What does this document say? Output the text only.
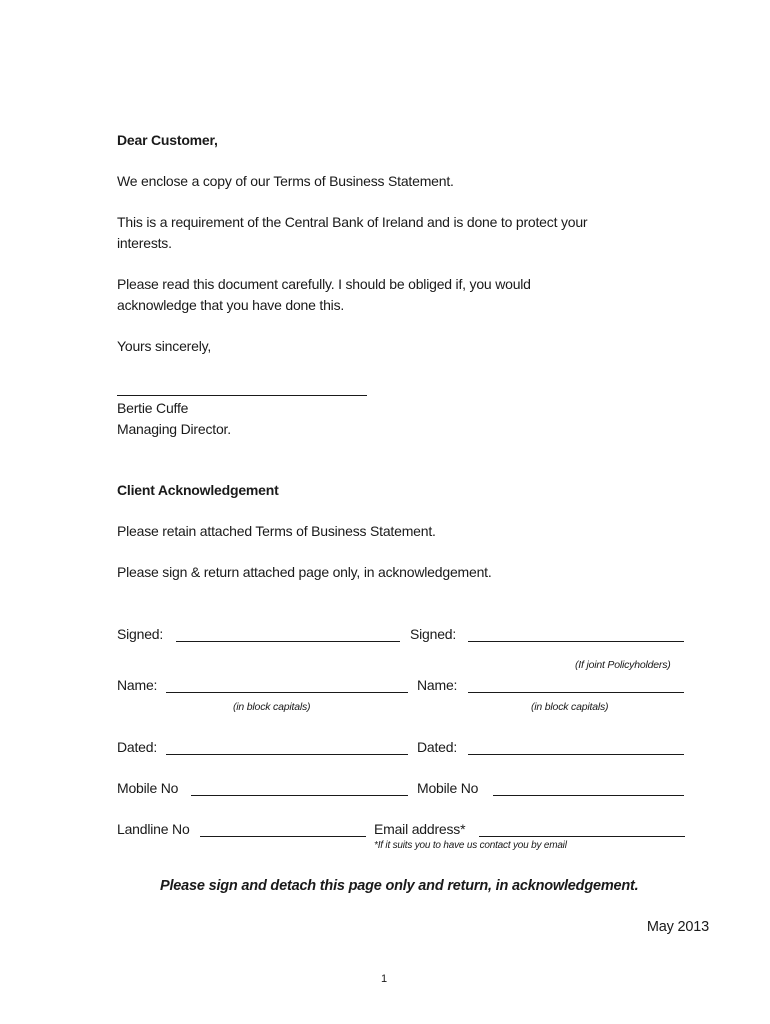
Dear Customer,
We enclose a copy of our Terms of Business Statement.
This is a requirement of the Central Bank of Ireland and is done to protect your
interests.
Please read this document carefully. I should be obliged if, you would
acknowledge that you have done this.
Yours sincerely,
Bertie Cuffe
Managing Director.
Client Acknowledgement
Please retain attached Terms of Business Statement.
Please sign & return attached page only, in acknowledgement.
Signed:	Signed:
(If joint Policyholders)
Name:	Name:
(in block capitals)	(in block capitals)
Dated:	Dated:
Mobile No	Mobile No
Landline No	Email address*
*If it suits you to have us contact you by email
Please sign and detach this page only and return, in acknowledgement.
May 2013
1
